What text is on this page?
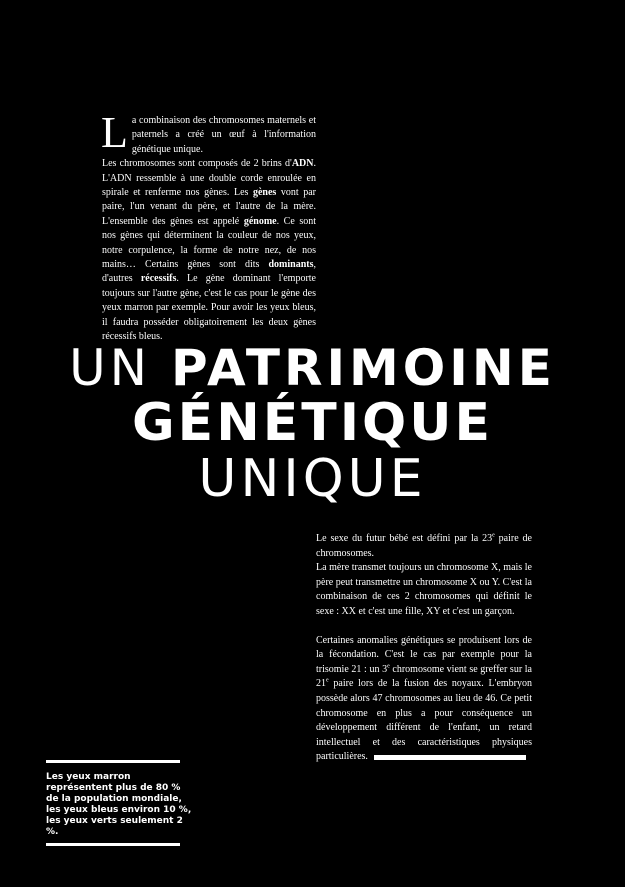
La combinaison des chromosomes maternels et paternels a créé un œuf à l'information génétique unique.

Les chromosomes sont composés de 2 brins d'ADN. L'ADN ressemble à une double corde enroulée en spirale et renferme nos gènes. Les gènes vont par paire, l'un venant du père, et l'autre de la mère. L'ensemble des gènes est appelé génome. Ce sont nos gènes qui déterminent la couleur de nos yeux, notre corpulence, la forme de notre nez, de nos mains… Certains gènes sont dits dominants, d'autres récessifs. Le gène dominant l'emporte toujours sur l'autre gène, c'est le cas pour le gène des yeux marron par exemple. Pour avoir les yeux bleus, il faudra posséder obligatoirement les deux gènes récessifs bleus.

UN PATRIMOINE
GÉNÉTIQUE
UNIQUE

Le sexe du futur bébé est défini par la 23e paire de chromosomes.

La mère transmet toujours un chromosome X, mais le père peut transmettre un chromosome X ou Y. C'est la combinaison de ces 2 chromosomes qui définit le sexe : XX et c'est une fille, XY et c'est un garçon.

Certaines anomalies génétiques se produisent lors de la fécondation. C'est le cas par exemple pour la trisomie 21 : un 3e chromosome vient se greffer sur la 21e paire lors de la fusion des noyaux. L'embryon possède alors 47 chromosomes au lieu de 46. Ce petit chromosome en plus a pour conséquence un développement différent de l'enfant, un retard intellectuel et des caractéristiques physiques particulières.

Les yeux marron représentent plus de 80 % de la population mondiale, les yeux bleus environ 10 %, les yeux verts seulement 2 %.
